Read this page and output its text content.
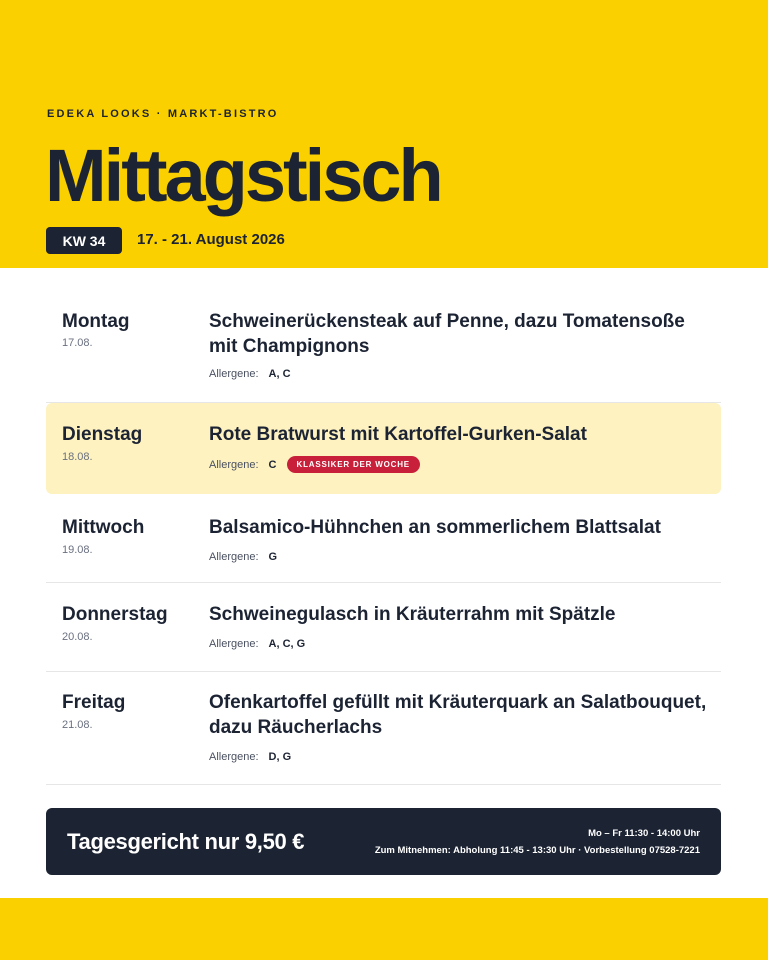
EDEKA LOOKS · MARKT-BISTRO
Mittagstisch
KW 34	17. - 21. August 2026
Montag
17.08.
Schweinerückensteak auf Penne, dazu Tomatensoße mit Champignons
Allergene: A, C
Dienstag
18.08.
Rote Bratwurst mit Kartoffel-Gurken-Salat
Allergene: C	KLASSIKER DER WOCHE
Mittwoch
19.08.
Balsamico-Hühnchen an sommerlichem Blattsalat
Allergene: G
Donnerstag
20.08.
Schweinegulasch in Kräuterrahm mit Spätzle
Allergene: A, C, G
Freitag
21.08.
Ofenkartoffel gefüllt mit Kräuterquark an Salatbouquet, dazu Räucherlachs
Allergene: D, G
Tagesgericht nur 9,50 €	Mo – Fr 11:30 - 14:00 Uhr
Zum Mitnehmen: Abholung 11:45 - 13:30 Uhr · Vorbestellung 07528-7221
